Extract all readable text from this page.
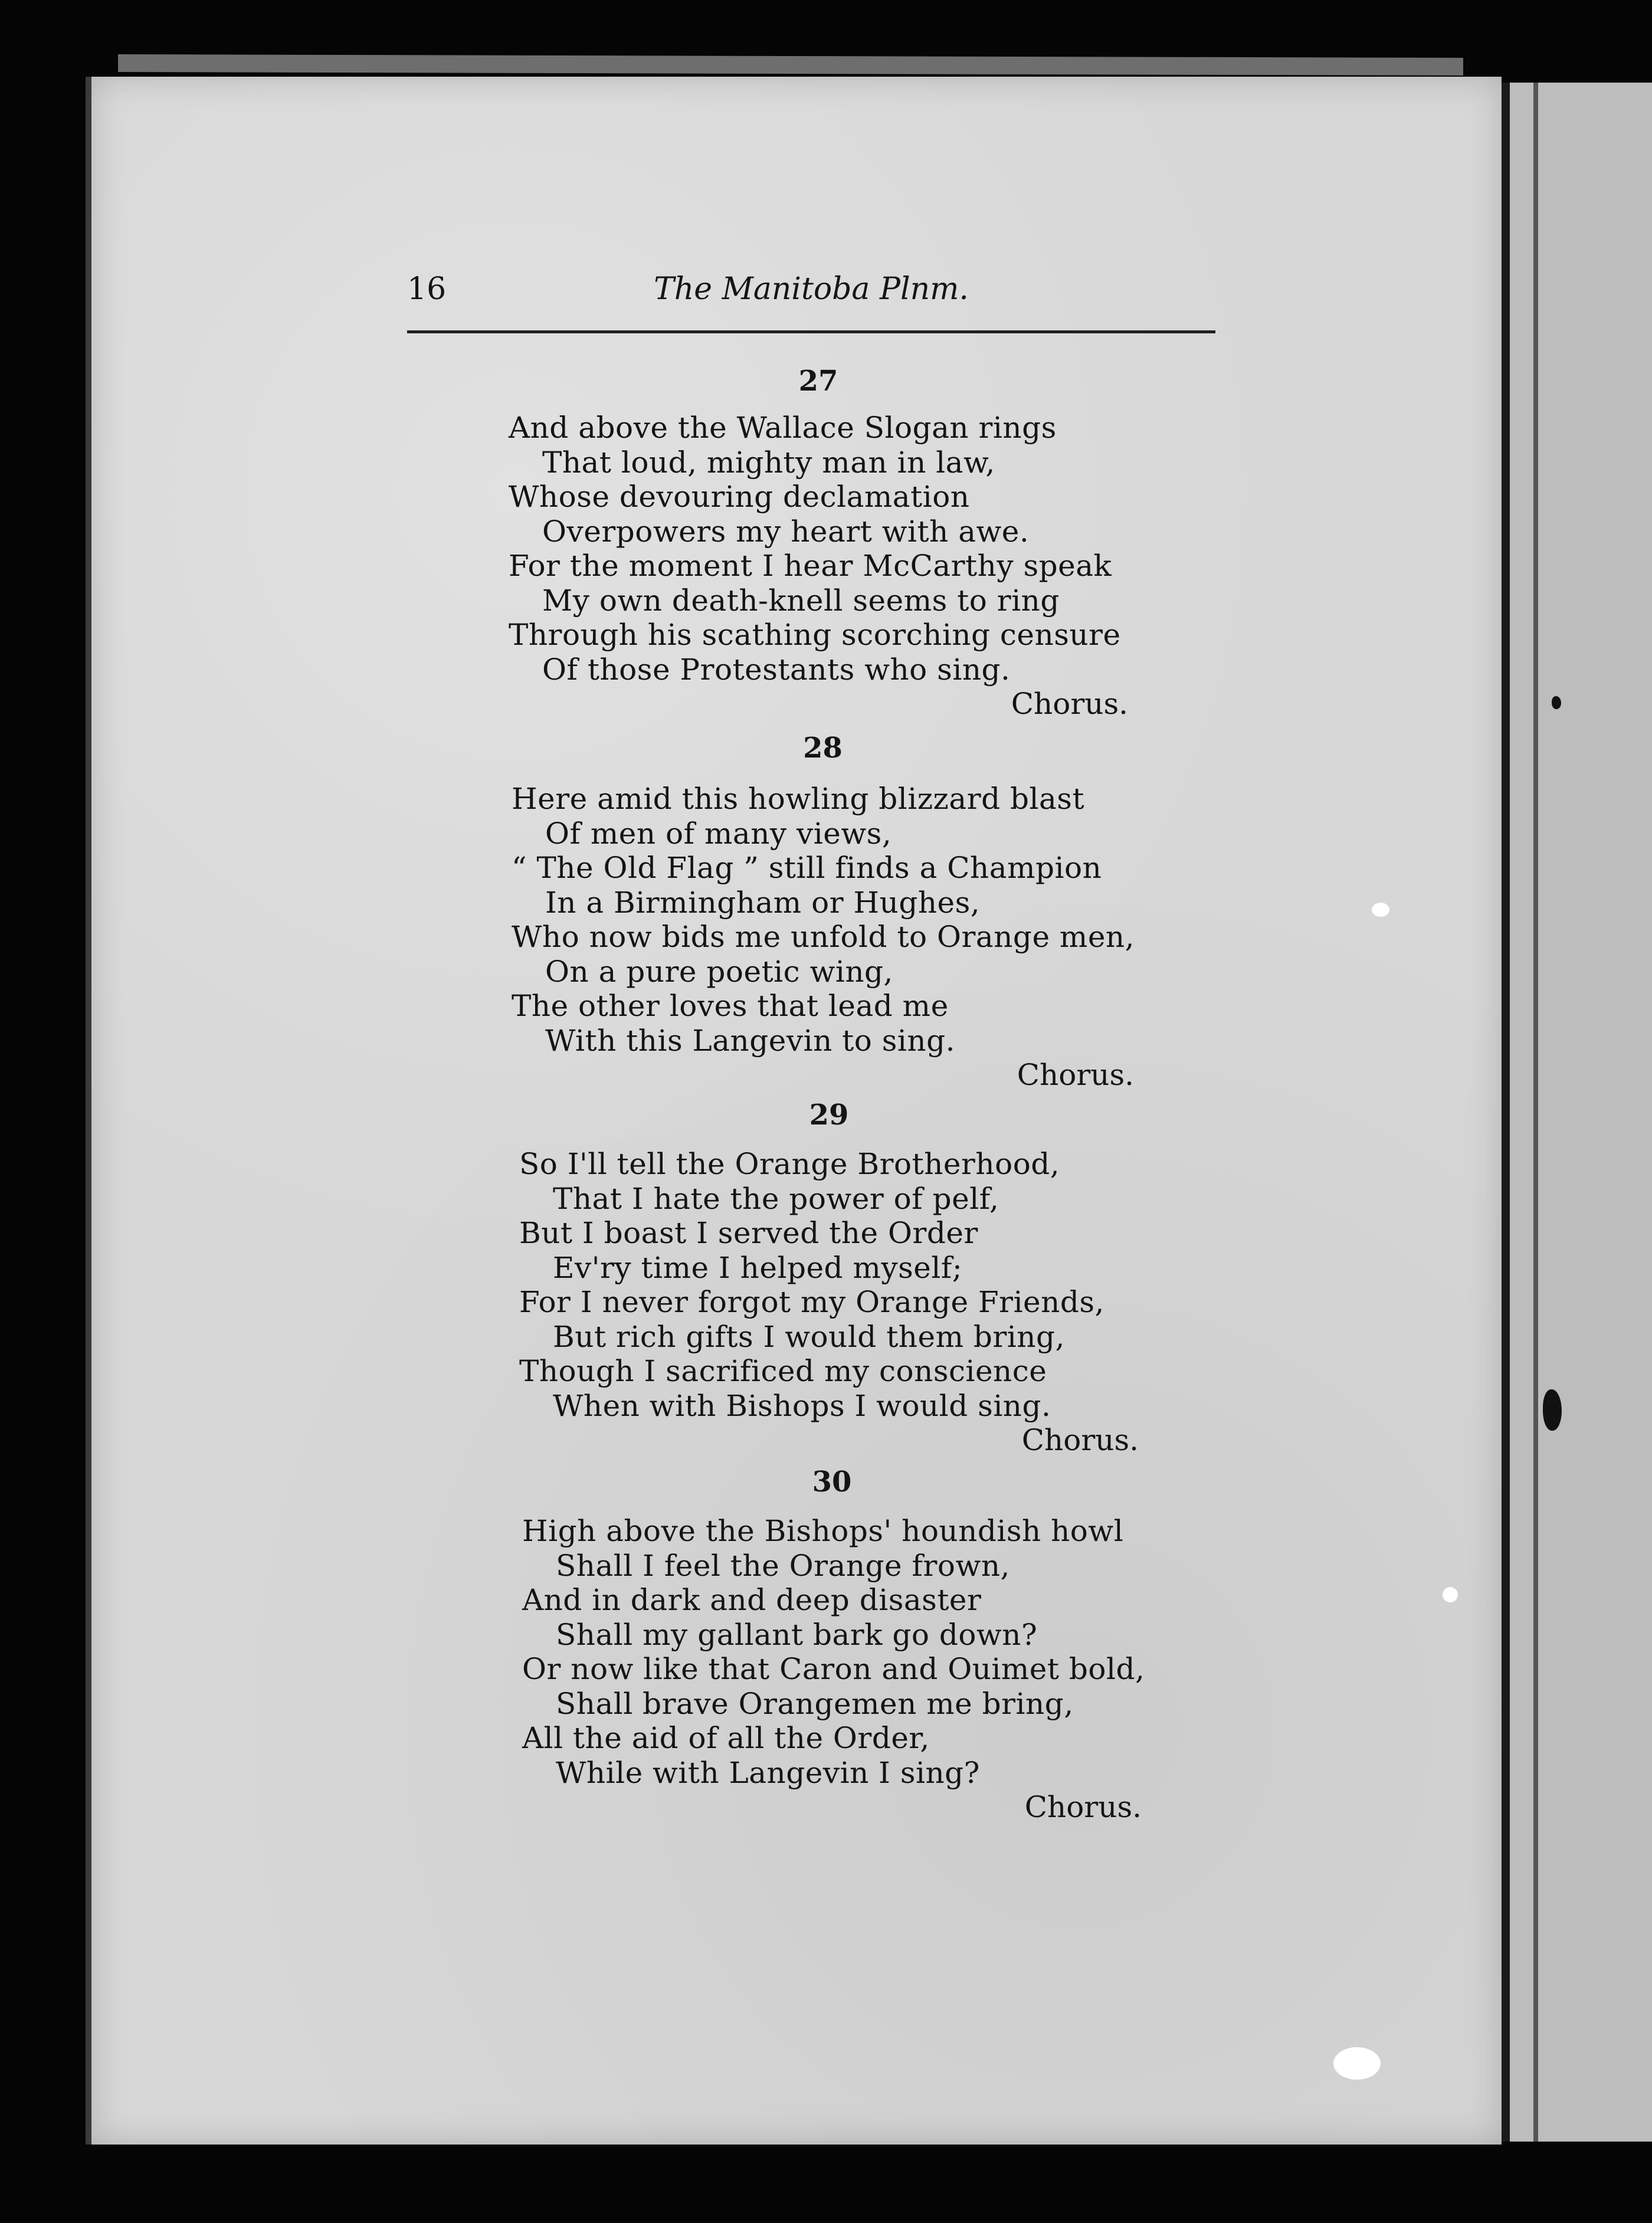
16	The Manitoba Plnm.
27
And above the Wallace Slogan rings
That loud, mighty man in law,
Whose devouring declamation
Overpowers my heart with awe.
For the moment I hear McCarthy speak
My own death-knell seems to ring
Through his scathing scorching censure
Of those Protestants who sing.
Chorus.
28
Here amid this howling blizzard blast
Of men of many views,
“ The Old Flag ” still finds a Champion
In a Birmingham or Hughes,
Who now bids me unfold to Orange men,
On a pure poetic wing,
The other loves that lead me
With this Langevin to sing.
Chorus.
29
So I'll tell the Orange Brotherhood,
That I hate the power of pelf,
But I boast I served the Order
Ev'ry time I helped myself;
For I never forgot my Orange Friends,
But rich gifts I would them bring,
Though I sacrificed my conscience
When with Bishops I would sing.
Chorus.
30
High above the Bishops' houndish howl
Shall I feel the Orange frown,
And in dark and deep disaster
Shall my gallant bark go down?
Or now like that Caron and Ouimet bold,
Shall brave Orangemen me bring,
All the aid of all the Order,
While with Langevin I sing?
Chorus.
